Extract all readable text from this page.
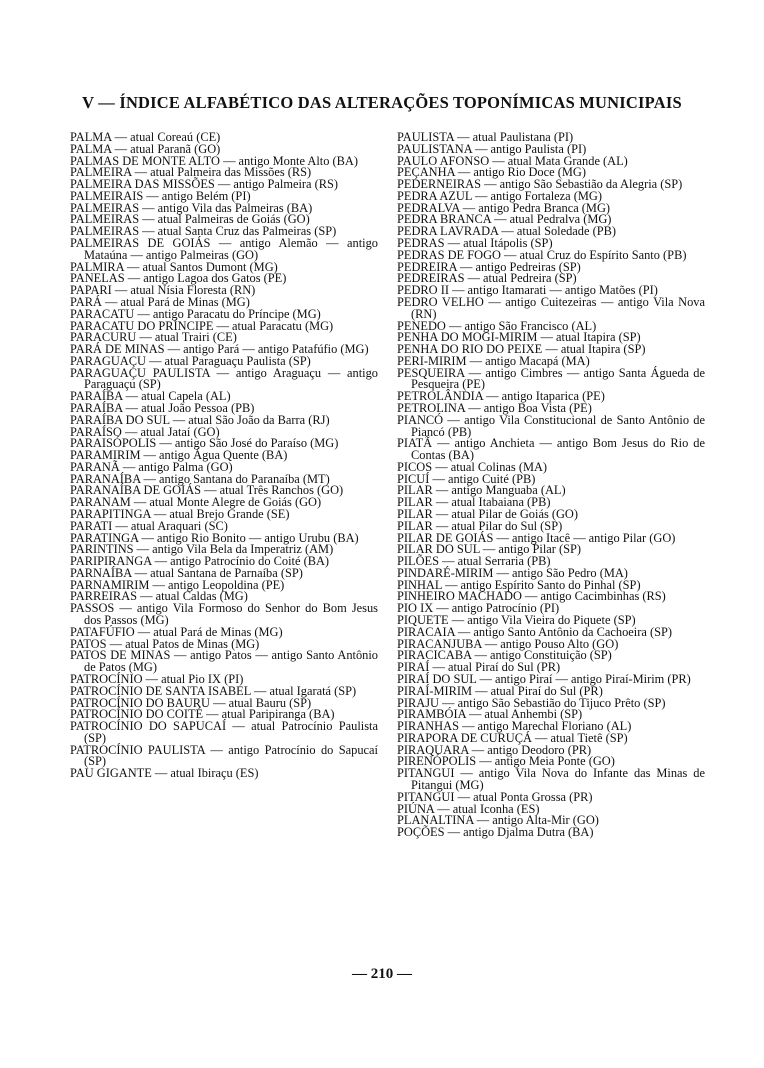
V — ÍNDICE ALFABÉTICO DAS ALTERAÇÕES TOPONÍMICAS MUNICIPAIS
PALMA — atual Coreaú (CE)
PALMA — atual Paranã (GO)
PALMAS DE MONTE ALTO — antigo Monte Alto (BA)
PALMEIRA — atual Palmeira das Missões (RS)
PALMEIRA DAS MISSÕES — antigo Palmeira (RS)
PALMEIRAIS — antigo Belém (PI)
PALMEIRAS — antigo Vila das Palmeiras (BA)
PALMEIRAS — atual Palmeiras de Goiás (GO)
PALMEIRAS — atual Santa Cruz das Palmeiras (SP)
PALMEIRAS DE GOIÁS — antigo Alemão — antigo Mataúna — antigo Palmeiras (GO)
PALMIRA — atual Santos Dumont (MG)
PANELAS — antigo Lagoa dos Gatos (PE)
PAPARI — atual Nísia Floresta (RN)
PARÁ — atual Pará de Minas (MG)
PARACATU — antigo Paracatu do Príncipe (MG)
PARACATU DO PRÍNCIPE — atual Paracatu (MG)
PARACURU — atual Trairi (CE)
PARÁ DE MINAS — antigo Pará — antigo Patafúfio (MG)
PARAGUAÇU — atual Paraguaçu Paulista (SP)
PARAGUAÇU PAULISTA — antigo Araguaçu — antigo Paraguaçu (SP)
PARAÍBA — atual Capela (AL)
PARAÍBA — atual João Pessoa (PB)
PARAÍBA DO SUL — atual São João da Barra (RJ)
PARAÍSO — atual Jataí (GO)
PARAISÓPOLIS — antigo São José do Paraíso (MG)
PARAMIRIM — antigo Água Quente (BA)
PARANÃ — antigo Palma (GO)
PARANAÍBA — antigo Santana do Paranaíba (MT)
PARANAÍBA DE GOIÁS — atual Três Ranchos (GO)
PARANAM — atual Monte Alegre de Goiás (GO)
PARAPITINGA — atual Brejo Grande (SE)
PARATI — atual Araquari (SC)
PARATINGA — antigo Rio Bonito — antigo Urubu (BA)
PARINTINS — antigo Vila Bela da Imperatriz (AM)
PARIPIRANGA — antigo Patrocínio do Coité (BA)
PARNAÍBA — atual Santana de Parnaíba (SP)
PARNAMIRIM — antigo Leopoldina (PE)
PARREIRAS — atual Caldas (MG)
PASSOS — antigo Vila Formoso do Senhor do Bom Jesus dos Passos (MG)
PATAFÚFIO — atual Pará de Minas (MG)
PATOS — atual Patos de Minas (MG)
PATOS DE MINAS — antigo Patos — antigo Santo Antônio de Patos (MG)
PATROCÍNIO — atual Pio IX (PI)
PATROCÍNIO DE SANTA ISABEL — atual Igaratá (SP)
PATROCÍNIO DO BAURU — atual Bauru (SP)
PATROCÍNIO DO COITÉ — atual Paripiranga (BA)
PATROCÍNIO DO SAPUCAÍ — atual Patrocínio Paulista (SP)
PATROCÍNIO PAULISTA — antigo Patrocínio do Sapucaí (SP)
PAU GIGANTE — atual Ibiraçu (ES)
PAULISTA — atual Paulistana (PI)
PAULISTANA — antigo Paulista (PI)
PAULO AFONSO — atual Mata Grande (AL)
PEÇANHA — antigo Rio Doce (MG)
PEDERNEIRAS — antigo São Sebastião da Alegria (SP)
PEDRA AZUL — antigo Fortaleza (MG)
PEDRALVA — antigo Pedra Branca (MG)
PEDRA BRANCA — atual Pedralva (MG)
PEDRA LAVRADA — atual Soledade (PB)
PEDRAS — atual Itápolis (SP)
PEDRAS DE FOGO — atual Cruz do Espírito Santo (PB)
PEDREIRA — antigo Pedreiras (SP)
PEDREIRAS — atual Pedreira (SP)
PEDRO II — antigo Itamarati — antigo Matões (PI)
PEDRO VELHO — antigo Cuitezeiras — antigo Vila Nova (RN)
PENEDO — antigo São Francisco (AL)
PENHA DO MOGI-MIRIM — atual Itapira (SP)
PENHA DO RIO DO PEIXE — atual Itapira (SP)
PERI-MIRIM — antigo Macapá (MA)
PESQUEIRA — antigo Cimbres — antigo Santa Águeda de Pesqueira (PE)
PETROLÂNDIA — antigo Itaparica (PE)
PETROLINA — antigo Boa Vista (PE)
PIANCÓ — antigo Vila Constitucional de Santo Antônio de Piancó (PB)
PIATÃ — antigo Anchieta — antigo Bom Jesus do Rio de Contas (BA)
PICOS — atual Colinas (MA)
PICUÍ — antigo Cuité (PB)
PILAR — antigo Manguaba (AL)
PILAR — atual Itabaiana (PB)
PILAR — atual Pilar de Goiás (GO)
PILAR — atual Pilar do Sul (SP)
PILAR DE GOIÁS — antigo Itacê — antigo Pilar (GO)
PILAR DO SUL — antigo Pilar (SP)
PILÕES — atual Serraria (PB)
PINDARÉ-MIRIM — antigo São Pedro (MA)
PINHAL — antigo Espírito Santo do Pinhal (SP)
PINHEIRO MACHADO — antigo Cacimbinhas (RS)
PIO IX — antigo Patrocínio (PI)
PIQUETE — antigo Vila Vieira do Piquete (SP)
PIRACAIA — antigo Santo Antônio da Cachoeira (SP)
PIRACANJUBA — antigo Pouso Alto (GO)
PIRACICABA — antigo Constituição (SP)
PIRAÍ — atual Piraí do Sul (PR)
PIRAÍ DO SUL — antigo Piraí — antigo Piraí-Mirim (PR)
PIRAÍ-MIRIM — atual Piraí do Sul (PR)
PIRAJU — antigo São Sebastião do Tijuco Prêto (SP)
PIRAMBÓIA — atual Anhembi (SP)
PIRANHAS — antigo Marechal Floriano (AL)
PIRAPORA DE CURUÇÁ — atual Tietê (SP)
PIRAQUARA — antigo Deodoro (PR)
PIRENÓPOLIS — antigo Meia Ponte (GO)
PITANGUI — antigo Vila Nova do Infante das Minas de Pitangui (MG)
PITANGUI — atual Ponta Grossa (PR)
PIÚNA — atual Iconha (ES)
PLANALTINA — antigo Alta-Mir (GO)
POÇÕES — antigo Djalma Dutra (BA)
— 210 —
